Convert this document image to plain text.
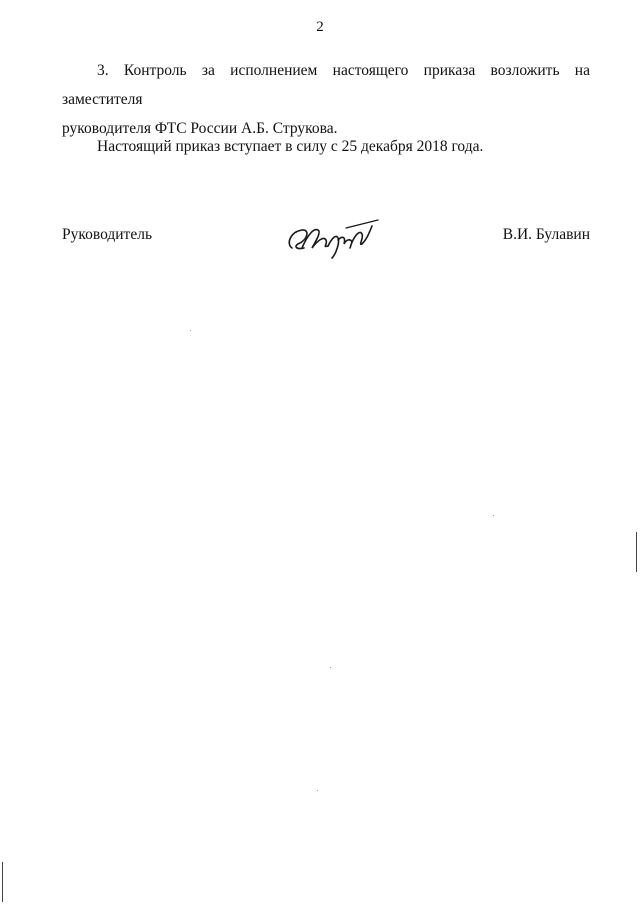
2
3. Контроль за исполнением настоящего приказа возложить на заместителя
руководителя ФТС России А.Б. Струкова.
Настоящий приказ вступает в силу с 25 декабря 2018 года.
Руководитель	В.И. Булавин
